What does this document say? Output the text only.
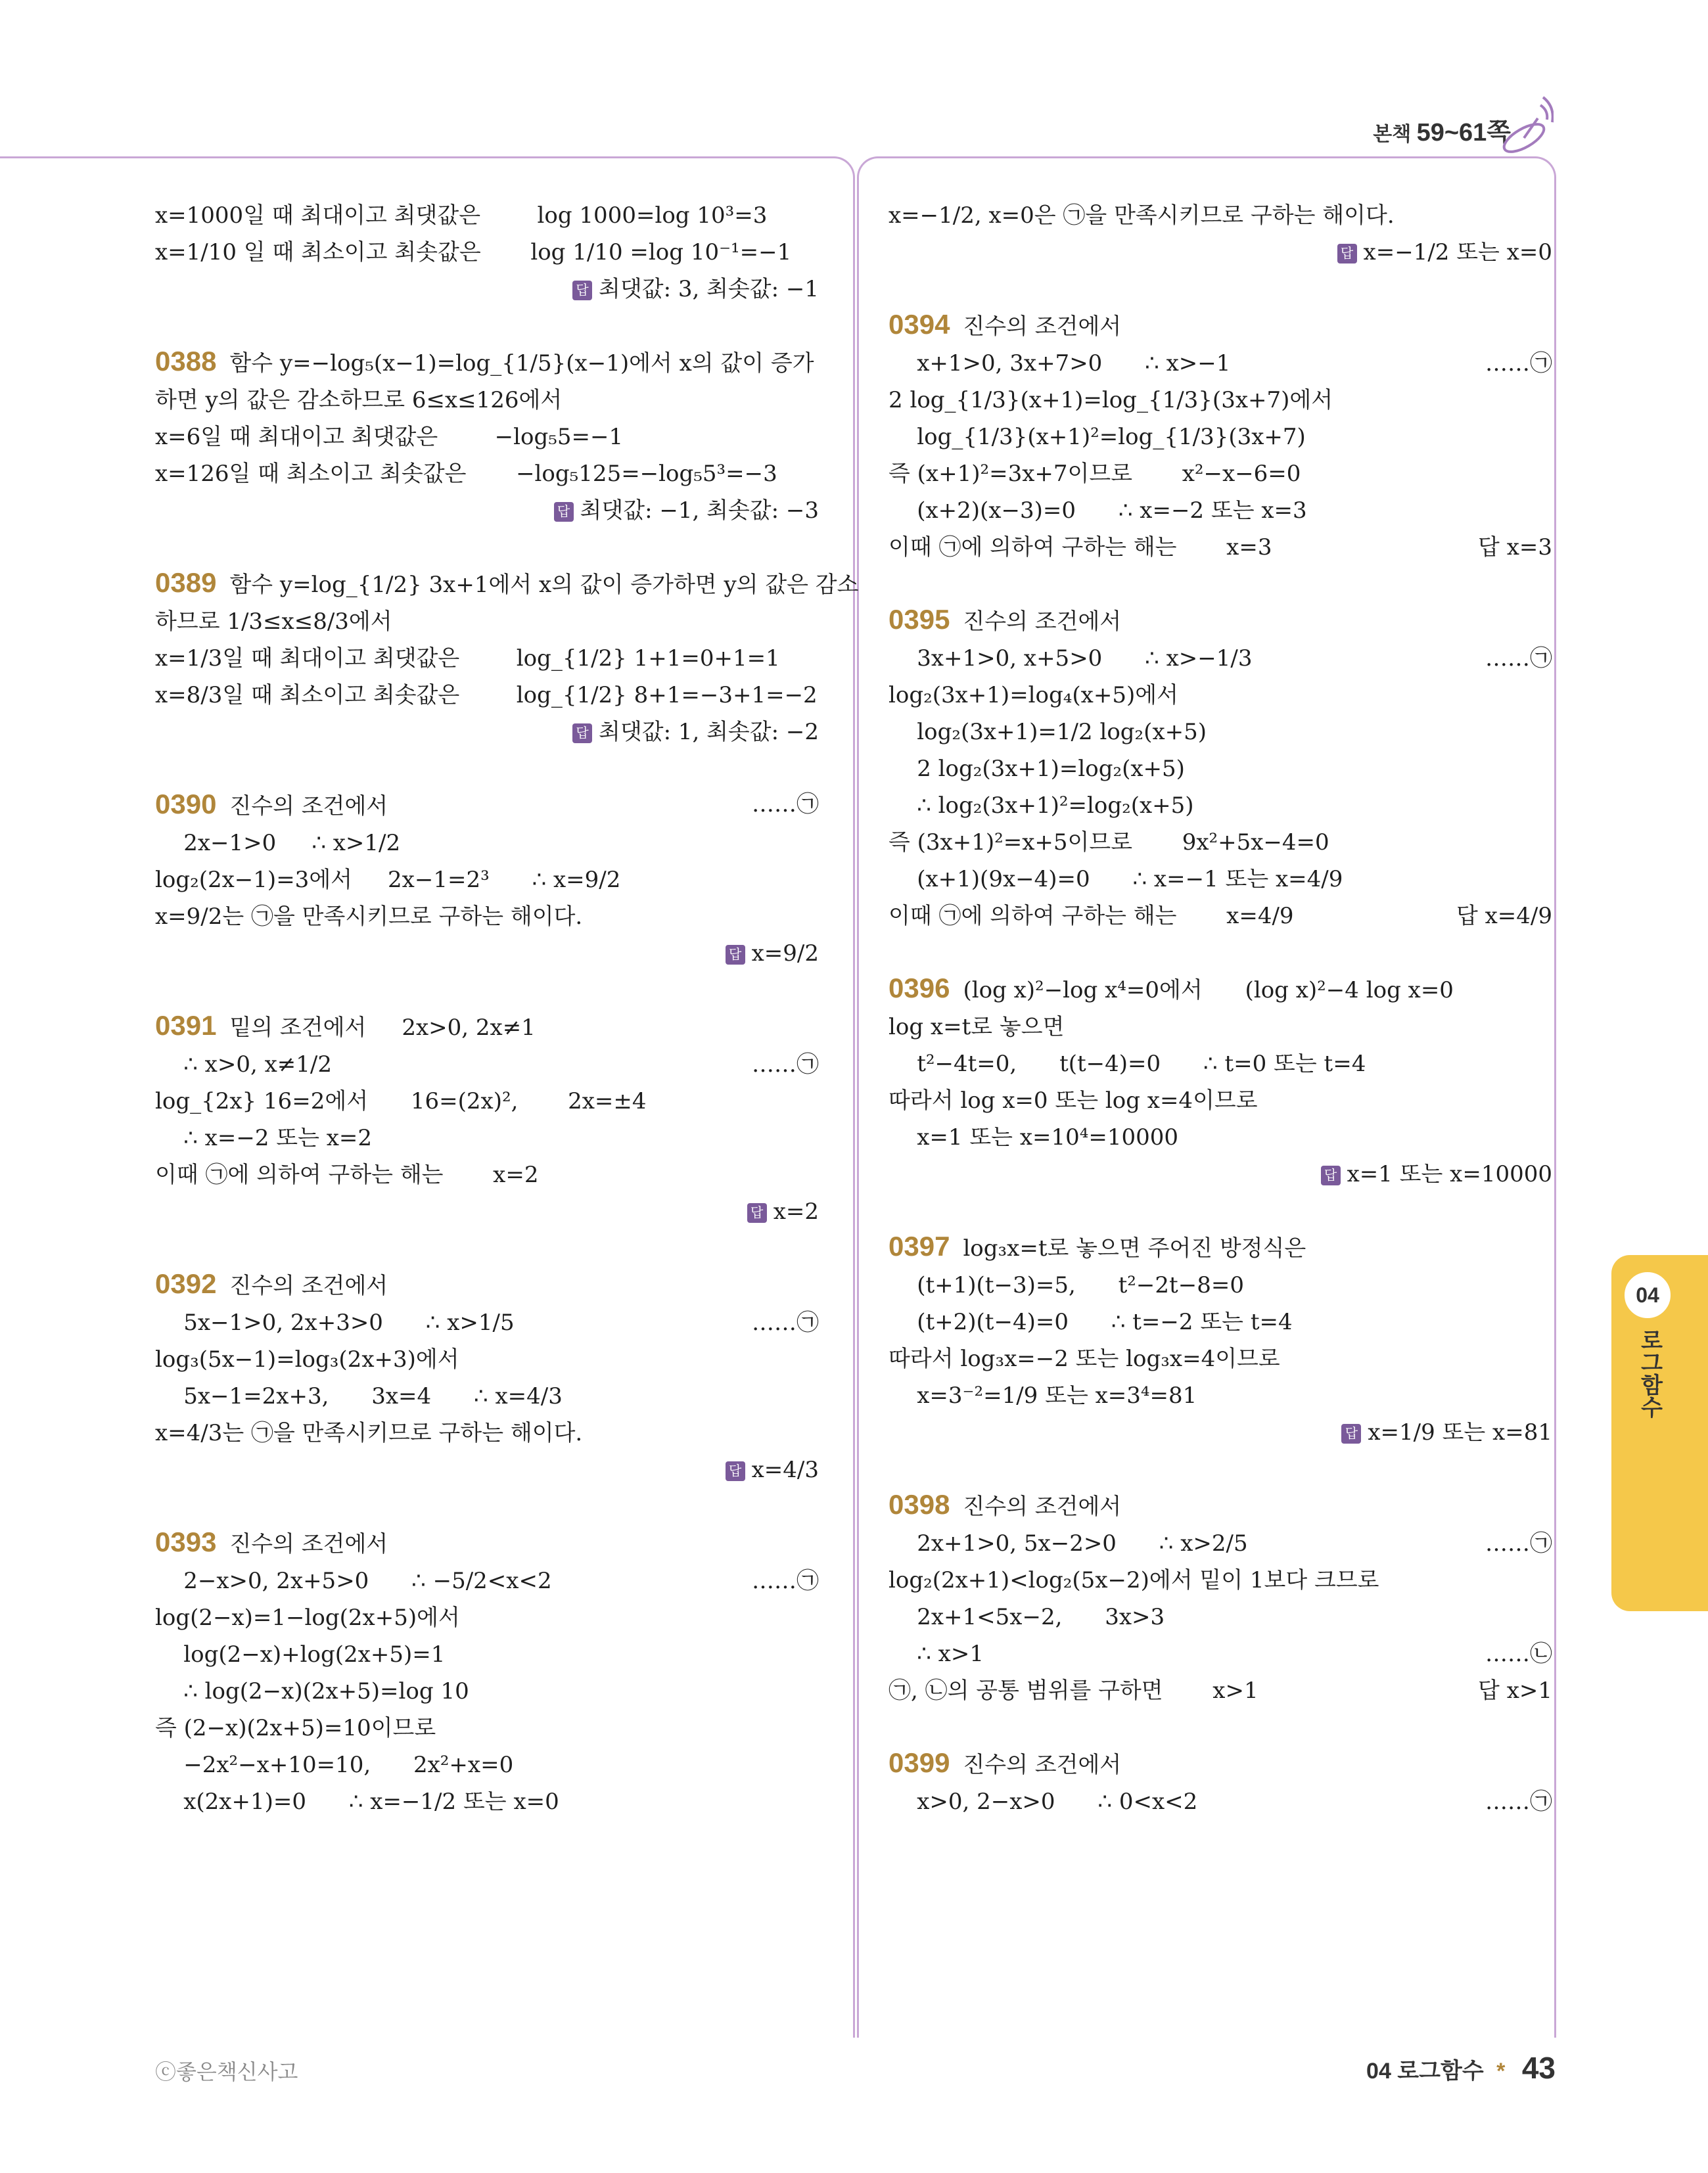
본책 59~61쪽
x=1000일 때 최대이고 최댓값은        log 1000=log 10³=3
x=1/10 일 때 최소이고 최솟값은       log 1/10 =log 10⁻¹=−1
답 최댓값: 3, 최솟값: −1
0388 함수 y=−log₅(x−1)=log_{1/5}(x−1)에서 x의 값이 증가
하면 y의 값은 감소하므로 6≤x≤126에서
x=6일 때 최대이고 최댓값은        −log₅5=−1
x=126일 때 최소이고 최솟값은       −log₅125=−log₅5³=−3
답 최댓값: −1, 최솟값: −3
0389 함수 y=log_{1/2} 3x+1에서 x의 값이 증가하면 y의 값은 감소
하므로 1/3≤x≤8/3에서
x=1/3일 때 최대이고 최댓값은        log_{1/2} 1+1=0+1=1
x=8/3일 때 최소이고 최솟값은        log_{1/2} 8+1=−3+1=−2
답 최댓값: 1, 최솟값: −2
0390 진수의 조건에서	……㉠
2x−1>0     ∴ x>1/2
log₂(2x−1)=3에서     2x−1=2³      ∴ x=9/2
x=9/2는 ㉠을 만족시키므로 구하는 해이다.
답 x=9/2
0391 밑의 조건에서     2x>0, 2x≠1
∴ x>0, x≠1/2	……㉠
log_{2x} 16=2에서      16=(2x)²,       2x=±4
∴ x=−2 또는 x=2
이때 ㉠에 의하여 구하는 해는       x=2
답 x=2
0392 진수의 조건에서
5x−1>0, 2x+3>0      ∴ x>1/5	……㉠
log₃(5x−1)=log₃(2x+3)에서
5x−1=2x+3,      3x=4      ∴ x=4/3
x=4/3는 ㉠을 만족시키므로 구하는 해이다.
답 x=4/3
0393 진수의 조건에서
2−x>0, 2x+5>0      ∴ −5/2<x<2	……㉠
log(2−x)=1−log(2x+5)에서
log(2−x)+log(2x+5)=1
∴ log(2−x)(2x+5)=log 10
즉 (2−x)(2x+5)=10이므로
−2x²−x+10=10,      2x²+x=0
x(2x+1)=0      ∴ x=−1/2 또는 x=0
x=−1/2, x=0은 ㉠을 만족시키므로 구하는 해이다.
답 x=−1/2 또는 x=0
0394 진수의 조건에서
x+1>0, 3x+7>0      ∴ x>−1	……㉠
2 log_{1/3}(x+1)=log_{1/3}(3x+7)에서
log_{1/3}(x+1)²=log_{1/3}(3x+7)
즉 (x+1)²=3x+7이므로       x²−x−6=0
(x+2)(x−3)=0      ∴ x=−2 또는 x=3
이때 ㉠에 의하여 구하는 해는       x=3	답 x=3
0395 진수의 조건에서
3x+1>0, x+5>0      ∴ x>−1/3	……㉠
log₂(3x+1)=log₄(x+5)에서
log₂(3x+1)=1/2 log₂(x+5)
2 log₂(3x+1)=log₂(x+5)
∴ log₂(3x+1)²=log₂(x+5)
즉 (3x+1)²=x+5이므로       9x²+5x−4=0
(x+1)(9x−4)=0      ∴ x=−1 또는 x=4/9
이때 ㉠에 의하여 구하는 해는       x=4/9	답 x=4/9
0396 (log x)²−log x⁴=0에서      (log x)²−4 log x=0
log x=t로 놓으면
t²−4t=0,      t(t−4)=0      ∴ t=0 또는 t=4
따라서 log x=0 또는 log x=4이므로
x=1 또는 x=10⁴=10000
답 x=1 또는 x=10000
0397 log₃x=t로 놓으면 주어진 방정식은
(t+1)(t−3)=5,      t²−2t−8=0
(t+2)(t−4)=0      ∴ t=−2 또는 t=4
따라서 log₃x=−2 또는 log₃x=4이므로
x=3⁻²=1/9 또는 x=3⁴=81
답 x=1/9 또는 x=81
0398 진수의 조건에서
2x+1>0, 5x−2>0      ∴ x>2/5	……㉠
log₂(2x+1)<log₂(5x−2)에서 밑이 1보다 크므로
2x+1<5x−2,      3x>3
∴ x>1	……㉡
㉠, ㉡의 공통 범위를 구하면       x>1	답 x>1
0399 진수의 조건에서
x>0, 2−x>0      ∴ 0<x<2	……㉠
04
로그함수
ⓒ좋은책신사고	04 로그함수 * 43
